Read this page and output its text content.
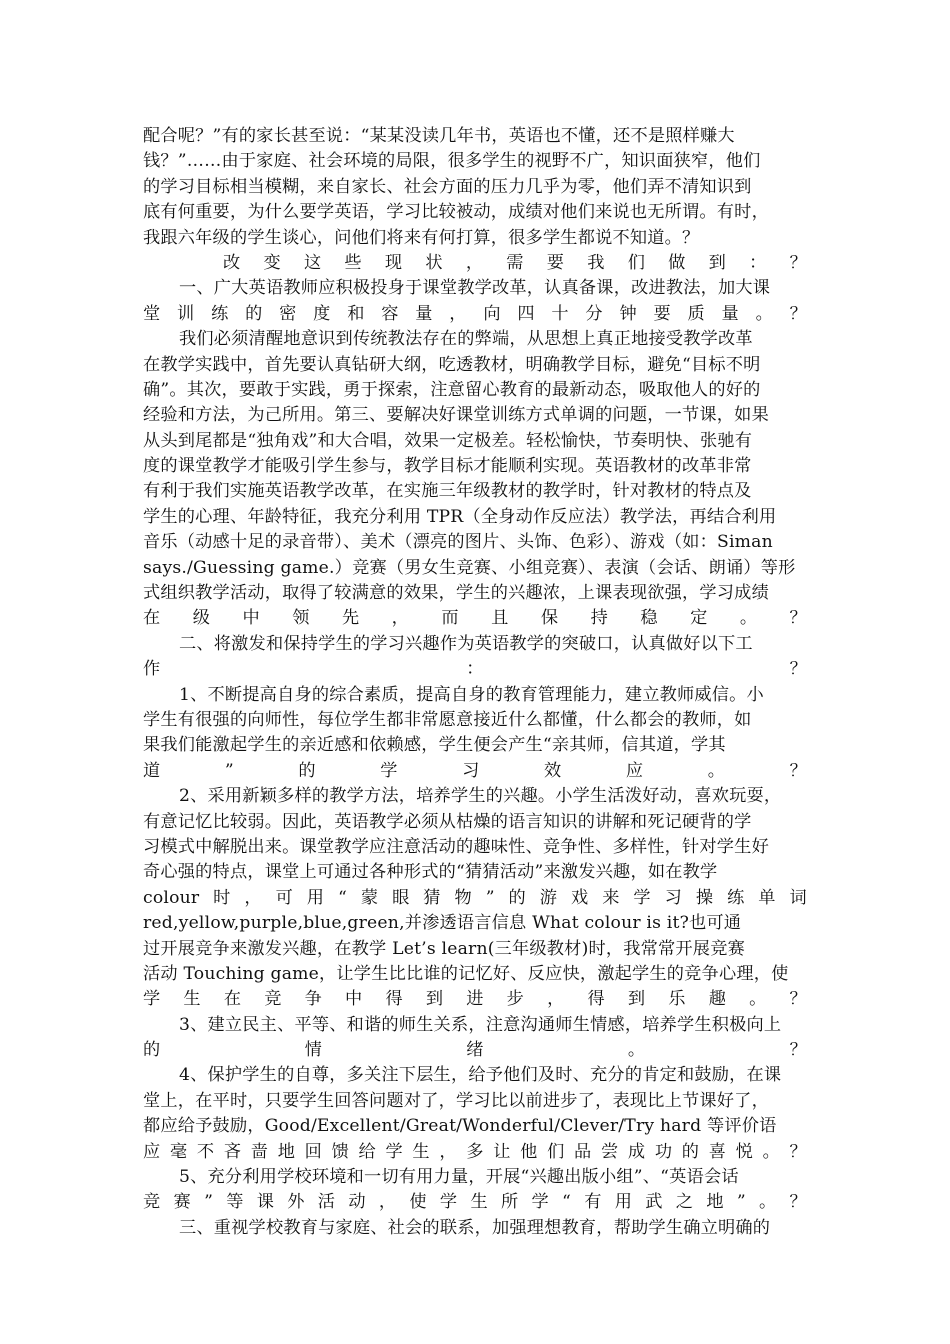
配合呢？”有的家长甚至说：“某某没读几年书，英语也不懂，还不是照样赚大
钱？”……由于家庭、社会环境的局限，很多学生的视野不广，知识面狭窄，他们
的学习目标相当模糊，来自家长、社会方面的压力几乎为零，他们弄不清知识到
底有何重要，为什么要学英语，学习比较被动，成绩对他们来说也无所谓。有时，
我跟六年级的学生谈心，问他们将来有何打算，很多学生都说不知道。？
改 变 这 些 现 状 ， 需 要 我 们 做 到 ： ？
一、广大英语教师应积极投身于课堂教学改革，认真备课，改进教法，加大课
堂 训 练 的 密 度 和 容 量 ， 向 四 十 分 钟 要 质 量 。 ？
我们必须清醒地意识到传统教法存在的弊端，从思想上真正地接受教学改革
在教学实践中，首先要认真钻研大纲，吃透教材，明确教学目标，避免“目标不明
确”。其次，要敢于实践，勇于探索，注意留心教育的最新动态，吸取他人的好的
经验和方法，为己所用。第三、要解决好课堂训练方式单调的问题，一节课，如果
从头到尾都是“独角戏”和大合唱，效果一定极差。轻松愉快，节奏明快、张驰有
度的课堂教学才能吸引学生参与，教学目标才能顺利实现。英语教材的改革非常
有利于我们实施英语教学改革，在实施三年级教材的教学时，针对教材的特点及
学生的心理、年龄特征，我充分利用 TPR（全身动作反应法）教学法，再结合利用
音乐（动感十足的录音带）、美术（漂亮的图片、头饰、色彩）、游戏（如：Siman
says./Guessing game.）竞赛（男女生竞赛、小组竞赛）、表演（会话、朗诵）等形
式组织教学活动，取得了较满意的效果，学生的兴趣浓，上课表现欲强，学习成绩
在 级 中 领 先 ， 而 且 保 持 稳 定 。 ？
二、将激发和保持学生的学习兴趣作为英语教学的突破口，认真做好以下工
作	：	？
1、不断提高自身的综合素质，提高自身的教育管理能力，建立教师威信。小
学生有很强的向师性，每位学生都非常愿意接近什么都懂，什么都会的教师，如
果我们能激起学生的亲近感和依赖感，学生便会产生“亲其师，信其道，学其
道	”	的	学	习	效	应	。	？
2、采用新颖多样的教学方法，培养学生的兴趣。小学生活泼好动，喜欢玩耍，
有意记忆比较弱。因此，英语教学必须从枯燥的语言知识的讲解和死记硬背的学
习模式中解脱出来。课堂教学应注意活动的趣味性、竞争性、多样性，针对学生好
奇心强的特点，课堂上可通过各种形式的“猜猜活动”来激发兴趣，如在教学
colour 时 ， 可 用 “ 蒙 眼 猜 物 ” 的 游 戏 来 学 习 操 练 单 词
red,yellow,purple,blue,green,并渗透语言信息 What colour is it?也可通
过开展竞争来激发兴趣，在教学 Let’s learn(三年级教材)时，我常常开展竞赛
活动 Touching game，让学生比比谁的记忆好、反应快，激起学生的竞争心理，使
学 生 在 竞 争 中 得 到 进 步 ， 得 到 乐 趣 。 ？
3、建立民主、平等、和谐的师生关系，注意沟通师生情感，培养学生积极向上
的	情	绪	。	？
4、保护学生的自尊，多关注下层生，给予他们及时、充分的肯定和鼓励，在课
堂上，在平时，只要学生回答问题对了，学习比以前进步了，表现比上节课好了，
都应给予鼓励，Good/Excellent/Great/Wonderful/Clever/Try hard 等评价语
应 毫 不 吝 啬 地 回 馈 给 学 生 ， 多 让 他 们 品 尝 成 功 的 喜 悦 。 ？
5、充分利用学校环境和一切有用力量，开展“兴趣出版小组”、“英语会话
竞 赛 ” 等 课 外 活 动 ， 使 学 生 所 学 “ 有 用 武 之 地 ” 。 ？
三、重视学校教育与家庭、社会的联系，加强理想教育，帮助学生确立明确的
